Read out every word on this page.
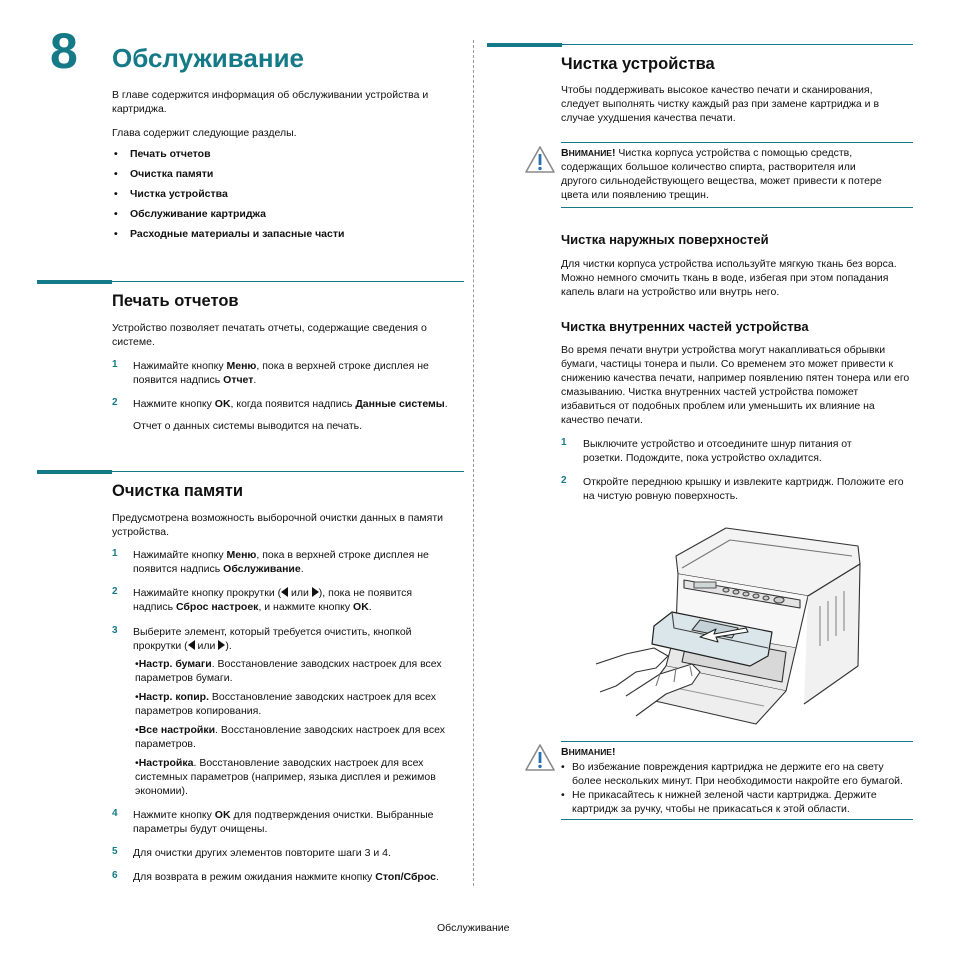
8 Обслуживание
В главе содержится информация об обслуживании устройства и картриджа.
Глава содержит следующие разделы.
• Печать отчетов
• Очистка памяти
• Чистка устройства
• Обслуживание картриджа
• Расходные материалы и запасные части
Печать отчетов
Устройство позволяет печатать отчеты, содержащие сведения о системе.
1 Нажимайте кнопку Меню, пока в верхней строке дисплея не появится надпись Отчет.
2 Нажмите кнопку OK, когда появится надпись Данные системы.
Отчет о данных системы выводится на печать.
Очистка памяти
Предусмотрена возможность выборочной очистки данных в памяти устройства.
1 Нажимайте кнопку Меню, пока в верхней строке дисплея не появится надпись Обслуживание.
2 Нажимайте кнопку прокрутки ( или ), пока не появится надпись Сброс настроек, и нажмите кнопку OK.
3 Выберите элемент, который требуется очистить, кнопкой прокрутки ( или ).
•Настр. бумаги. Восстановление заводских настроек для всех параметров бумаги.
•Настр. копир. Восстановление заводских настроек для всех параметров копирования.
•Все настройки. Восстановление заводских настроек для всех параметров.
•Настройка. Восстановление заводских настроек для всех системных параметров (например, языка дисплея и режимов экономии).
4 Нажмите кнопку OK для подтверждения очистки. Выбранные параметры будут очищены.
5 Для очистки других элементов повторите шаги 3 и 4.
6 Для возврата в режим ожидания нажмите кнопку Стоп/Сброс.
Чистка устройства
Чтобы поддерживать высокое качество печати и сканирования, следует выполнять чистку каждый раз при замене картриджа и в случае ухудшения качества печати.
ВНИМАНИЕ! Чистка корпуса устройства с помощью средств, содержащих большое количество спирта, растворителя или другого сильнодействующего вещества, может привести к потере цвета или появлению трещин.
Чистка наружных поверхностей
Для чистки корпуса устройства используйте мягкую ткань без ворса. Можно немного смочить ткань в воде, избегая при этом попадания капель влаги на устройство или внутрь него.
Чистка внутренних частей устройства
Во время печати внутри устройства могут накапливаться обрывки бумаги, частицы тонера и пыли. Со временем это может привести к снижению качества печати, например появлению пятен тонера или его смазыванию. Чистка внутренних частей устройства поможет избавиться от подобных проблем или уменьшить их влияние на качество печати.
1 Выключите устройство и отсоедините шнур питания от розетки. Подождите, пока устройство охладится.
2 Откройте переднюю крышку и извлеките картридж. Положите его на чистую ровную поверхность.
ВНИМАНИЕ!
• Во избежание повреждения картриджа не держите его на свету более нескольких минут. При необходимости накройте его бумагой.
• Не прикасайтесь к нижней зеленой части картриджа. Держите картридж за ручку, чтобы не прикасаться к этой области.
Обслуживание
